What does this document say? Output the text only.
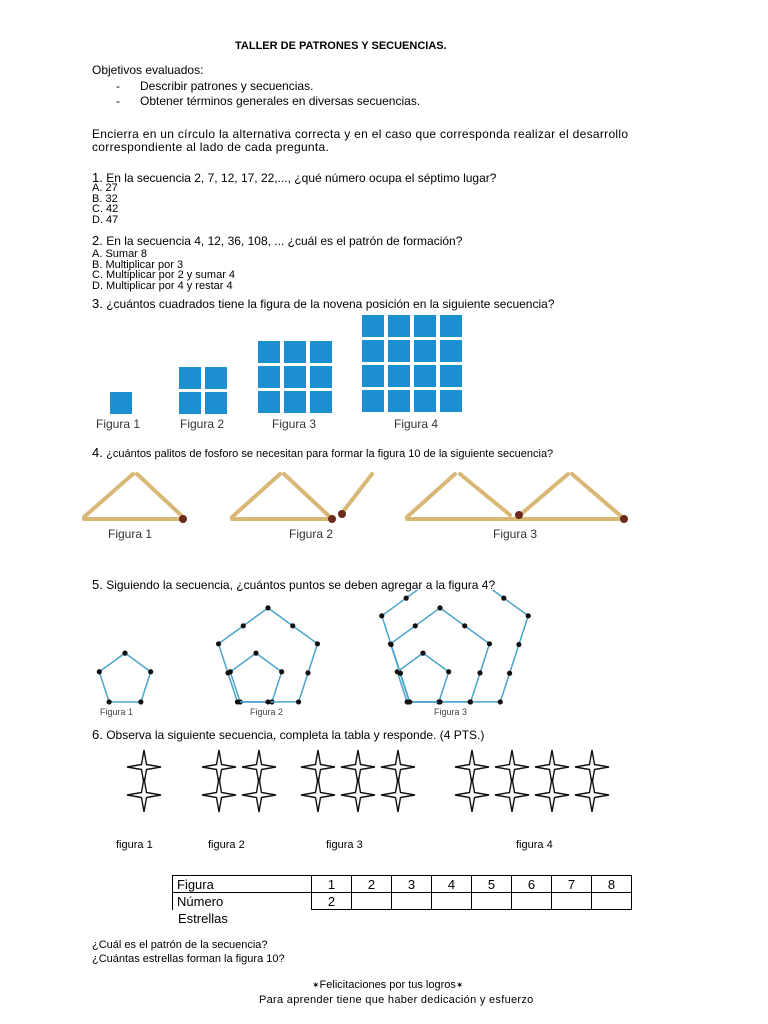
TALLER DE PATRONES Y SECUENCIAS.
Objetivos evaluados:
- Describir patrones y secuencias.
- Obtener términos generales en diversas secuencias.
Encierra en un círculo la alternativa correcta y en el caso que corresponda realizar el desarrollo
correspondiente al lado de cada pregunta.
1. En la secuencia 2, 7, 12, 17, 22,..., ¿qué número ocupa el séptimo lugar?
A. 27
B. 32
C. 42
D. 47
2. En la secuencia 4, 12, 36, 108, ... ¿cuál es el patrón de formación?
A. Sumar 8
B. Multiplicar por 3
C. Multiplicar por 2 y sumar 4
D. Multiplicar por 4 y restar 4
3. ¿cuántos cuadrados tiene la figura de la novena posición en la siguiente secuencia?
Figura 1	Figura 2	Figura 3	Figura 4
4. ¿cuántos palitos de fosforo se necesitan para formar la figura 10 de la siguiente secuencia?
Figura 1	Figura 2	Figura 3
5. Siguiendo la secuencia, ¿cuántos puntos se deben agregar a la figura 4?
Figura 1	Figura 2	Figura 3
6. Observa la siguiente secuencia, completa la tabla y responde. (4 PTS.)
figura 1	figura 2	figura 3	figura 4
Figura	1	2	3	4	5	6	7	8
Número	2							
Estrellas
¿Cuál es el patrón de la secuencia?
¿Cuántas estrellas forman la figura 10?
✶Felicitaciones por tus logros✶
Para aprender tiene que haber dedicación y esfuerzo
